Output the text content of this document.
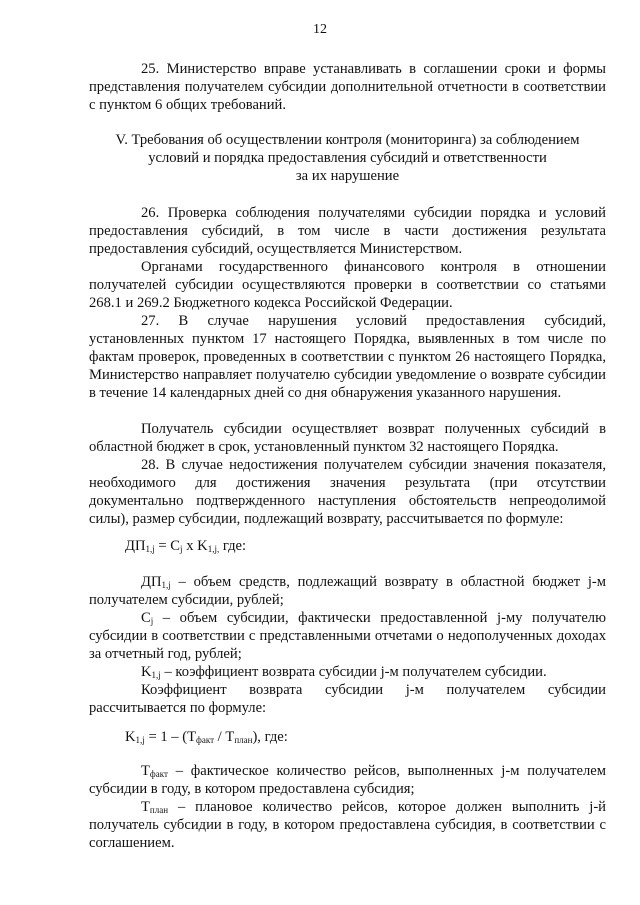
12
25. Министерство вправе устанавливать в соглашении сроки и формы представления получателем субсидии дополнительной отчетности в соответствии с пунктом 6 общих требований.
V. Требования об осуществлении контроля (мониторинга) за соблюдением
условий и порядка предоставления субсидий и ответственности
за их нарушение
26. Проверка соблюдения получателями субсидии порядка и условий предоставления субсидий, в том числе в части достижения результата предоставления субсидий, осуществляется Министерством.
Органами государственного финансового контроля в отношении получателей субсидии осуществляются проверки в соответствии со статьями 268.1 и 269.2 Бюджетного кодекса Российской Федерации.
27. В случае нарушения условий предоставления субсидий, установленных пунктом 17 настоящего Порядка, выявленных в том числе по фактам проверок, проведенных в соответствии с пунктом 26 настоящего Порядка, Министерство направляет получателю субсидии уведомление о возврате субсидии в течение 14 календарных дней со дня обнаружения указанного нарушения.
Получатель субсидии осуществляет возврат полученных субсидий в областной бюджет в срок, установленный пунктом 32 настоящего Порядка.
28. В случае недостижения получателем субсидии значения показателя, необходимого для достижения значения результата (при отсутствии документально подтвержденного наступления обстоятельств непреодолимой силы), размер субсидии, подлежащий возврату, рассчитывается по формуле:
$ДП_{1,j} = C_j$ x $K_{1,j,}$ где:
$ДП_{1,j}$ – объем средств, подлежащий возврату в областной бюджет j-м получателем субсидии, рублей;
$C_j$ – объем субсидии, фактически предоставленной j-му получателю субсидии в соответствии с представленными отчетами о недополученных доходах за отчетный год, рублей;
$K_{1,j}$ – коэффициент возврата субсидии j-м получателем субсидии.
Коэффициент возврата субсидии j-м получателем субсидии рассчитывается по формуле:
$K_{1,j} = 1 - (T_{факт} / T_{план})$, где:
$T_{факт}$ – фактическое количество рейсов, выполненных j-м получателем субсидии в году, в котором предоставлена субсидия;
$T_{план}$ – плановое количество рейсов, которое должен выполнить j-й получатель субсидии в году, в котором предоставлена субсидия, в соответствии с соглашением.
